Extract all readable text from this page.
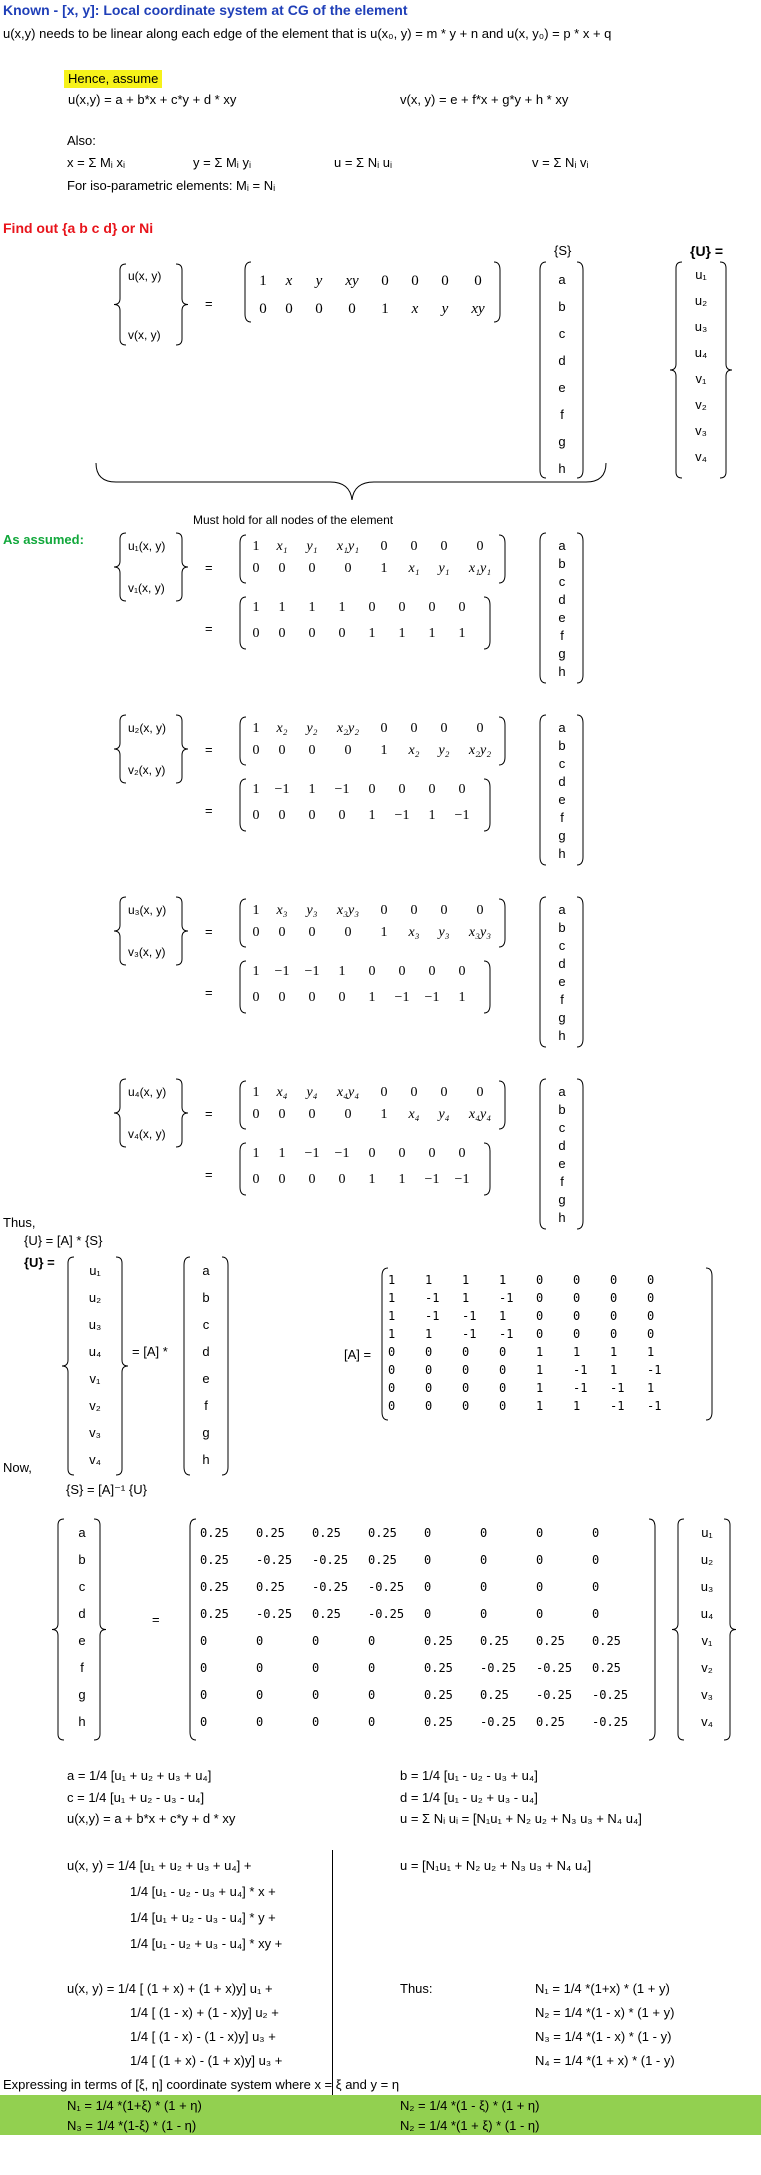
Known - [x, y]: Local coordinate system at CG of the element
u(x,y) needs to be linear along each edge of the element that is u(x₀, y) = m * y + n and u(x, y₀) = p * x + q
Hence, assume
u(x,y) = a + b*x + c*y + d * xy	v(x, y) = e + f*x + g*y + h * xy
Also:
x = Σ Mᵢ xᵢ	y = Σ Mᵢ yᵢ	u = Σ Nᵢ uᵢ	v = Σ Nᵢ vᵢ
For iso-parametric elements: Mᵢ = Nᵢ
Find out {a b c d} or Ni
{S}	{U} =
u(x, y)
v(x, y)
=
1 x y xy 0 0 0 0
0 0 0 0 1 x y xy
a
b
c
d
e
f
g
h
u₁
u₂
u₃
u₄
v₁
v₂
v₃
v₄
Must hold for all nodes of the element
As assumed:	u₁(x, y)
v₁(x, y)
=
=
1 x₁ y₁ x₁y₁ 0 0 0 0
0 0 0 0 1 x₁ y₁ x₁y₁
1 1 1 1 0 0 0 0
0 0 0 0 1 1 1 1
a
b
c
d
e
f
g
h
u₂(x, y)
v₂(x, y)
=
=
1 x₂ y₂ x₂y₂ 0 0 0 0
0 0 0 0 1 x₂ y₂ x₂y₂
1 −1 1 −1 0 0 0 0
0 0 0 0 1 −1 1 −1
a
b
c
d
e
f
g
h
u₃(x, y)
v₃(x, y)
=
=
1 x₃ y₃ x₃y₃ 0 0 0 0
0 0 0 0 1 x₃ y₃ x₃y₃
1 −1 −1 1 0 0 0 0
0 0 0 0 1 −1 −1 1
a
b
c
d
e
f
g
h
u₄(x, y)
v₄(x, y)
=
=
1 x₄ y₄ x₄y₄ 0 0 0 0
0 0 0 0 1 x₄ y₄ x₄y₄
1 1 −1 −1 0 0 0 0
0 0 0 0 1 1 −1 −1
a
b
c
d
e
f
g
h
Thus,
{U} = [A] * {S}
{U} =
u₁
u₂
u₃
u₄
v₁
v₂
v₃
v₄
= [A] *
a
b
c
d
e
f
g
h
[A] =
1 1 1 1 0 0 0 0
1 -1 1 -1 0 0 0 0
1 -1 -1 1 0 0 0 0
1 1 -1 -1 0 0 0 0
0 0 0 0 1 1 1 1
0 0 0 0 1 -1 1 -1
0 0 0 0 1 -1 -1 1
0 0 0 0 1 1 -1 -1
Now,
{S} = [A]⁻¹ {U}
a
b
c
d
e
f
g
h
=
0.25 0.25 0.25 0.25 0	0	0	0
0.25 -0.25 -0.25 0.25 0	0	0	0
0.25 0.25 -0.25 -0.25 0	0	0	0
0.25 -0.25 0.25 -0.25 0	0	0	0
0	0	0	0	0.25 0.25 0.25 0.25
0	0	0	0	0.25 -0.25 -0.25 0.25
0	0	0	0	0.25 0.25 -0.25 -0.25
0	0	0	0	0.25 -0.25 0.25 -0.25
u₁
u₂
u₃
u₄
v₁
v₂
v₃
v₄
a = 1/4 [u₁ + u₂ + u₃ + u₄]	b = 1/4 [u₁ - u₂ - u₃ + u₄]
c = 1/4 [u₁ + u₂ - u₃ - u₄]	d = 1/4 [u₁ - u₂ + u₃ - u₄]
u(x,y) = a + b*x + c*y + d * xy	u = Σ Nᵢ uᵢ = [N₁u₁ + N₂ u₂ + N₃ u₃ + N₄ u₄]
u(x, y) = 1/4 [u₁ + u₂ + u₃ + u₄] +	u = [N₁u₁ + N₂ u₂ + N₃ u₃ + N₄ u₄]
1/4 [u₁ - u₂ - u₃ + u₄] * x +
1/4 [u₁ + u₂ - u₃ - u₄] * y +
1/4 [u₁ - u₂ + u₃ - u₄] * xy +
u(x, y) = 1/4 [ (1 + x) + (1 + x)y] u₁ +
1/4 [ (1 - x) + (1 - x)y] u₂ +
1/4 [ (1 - x) - (1 - x)y] u₃ +
1/4 [ (1 + x) - (1 + x)y] u₃ +
Thus:	N₁ = 1/4 *(1+x) * (1 + y)
N₂ = 1/4 *(1 - x) * (1 + y)
N₃ = 1/4 *(1 - x) * (1 - y)
N₄ = 1/4 *(1 + x) * (1 - y)
Expressing in terms of [ξ, η] coordinate system where x = ξ and y = η
N₁ = 1/4 *(1+ξ) * (1 + η)	N₂ = 1/4 *(1 - ξ) * (1 + η)
N₃ = 1/4 *(1-ξ) * (1 - η)	N₂ = 1/4 *(1 + ξ) * (1 - η)
